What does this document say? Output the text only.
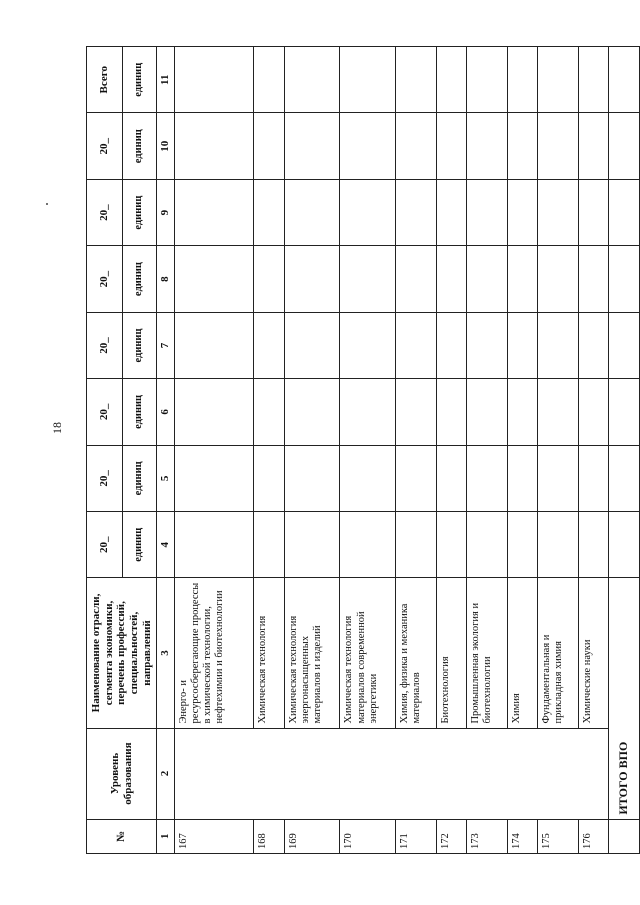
18
№	Уровень образования	Наименование отрасли, сегмента экономики, перечень профессий, специальностей, направлений	20_	20_	20_	20_	20_	20_	20_	Всего
			единиц	единиц	единиц	единиц	единиц	единиц	единиц	единиц
1	2	3	4	5	6	7	8	9	10	11
167		Энерго- и ресурсосберегающие процессы в химической технологии, нефтехимии и биотехнологии								
168		Химическая технология								
169		Химическая технология энергонасыщенных материалов и изделий								
170		Химическая технология материалов современной энергетики								
171		Химия, физика и механика материалов								
172		Биотехнология								
173		Промышленная экология и биотехнологии								
174		Химия								
175		Фундаментальная и прикладная химия								
176		Химические науки								
	ИТОГО ВПО									
